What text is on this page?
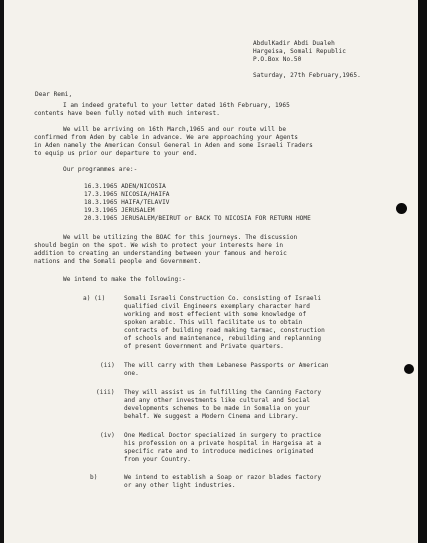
AbdulKadir Abdi Dualeh
Hargeisa, Somali Republic
P.O.Box No.50
Saturday, 27th February,1965.
Dear Remi,
I am indeed grateful to your letter dated 16th February, 1965
contents have been fully noted with much interest.
We will be arriving on 16th March,1965 and our route will be
confirmed from Aden by cable in advance. We are approaching your Agents
in Aden namely the American Consul General in Aden and some Israeli Traders
to equip us prior our departure to your end.
Our programmes are:-
16.3.1965 ADEN/NICOSIA
17.3.1965 NICOSIA/HAIFA
18.3.1965 HAIFA/TELAVIV
19.3.1965 JERUSALEM
20.3.1965 JERUSALEM/BEIRUT or BACK TO NICOSIA FOR RETURN HOME
We will be utilizing the BOAC for this journeys. The discussion
should begin on the spot. We wish to protect your interests here in
addition to creating an understanding between your famous and heroic
nations and the Somali people and Government.
We intend to make the following:-
a) (i)	Somali Israeli Construction Co. consisting of Israeli
qualified civil Engineers exemplary character hard
working and most effecient with some knowledge of
spoken arabic. This will facilitate us to obtain
contracts of building road making tarmac, construction
of schools and maintenance, rebuilding and replanning
of present Government and Private quarters.
(ii) The will carry with them Lebanese Passports or American
one.
(iii) They will assist us in fulfilling the Canning Factory
and any other investments like cultural and Social
developments schemes to be made in Somalia on your
behalf. We suggest a Modern Cinema and Library.
(iv) One Medical Doctor specialized in surgery to practice
his profession on a private hospital in Hargeisa at a
specific rate and to introduce medicines originated
from your Country.
b)	We intend to establish a Soap or razor blades factory
or any other light industries.
